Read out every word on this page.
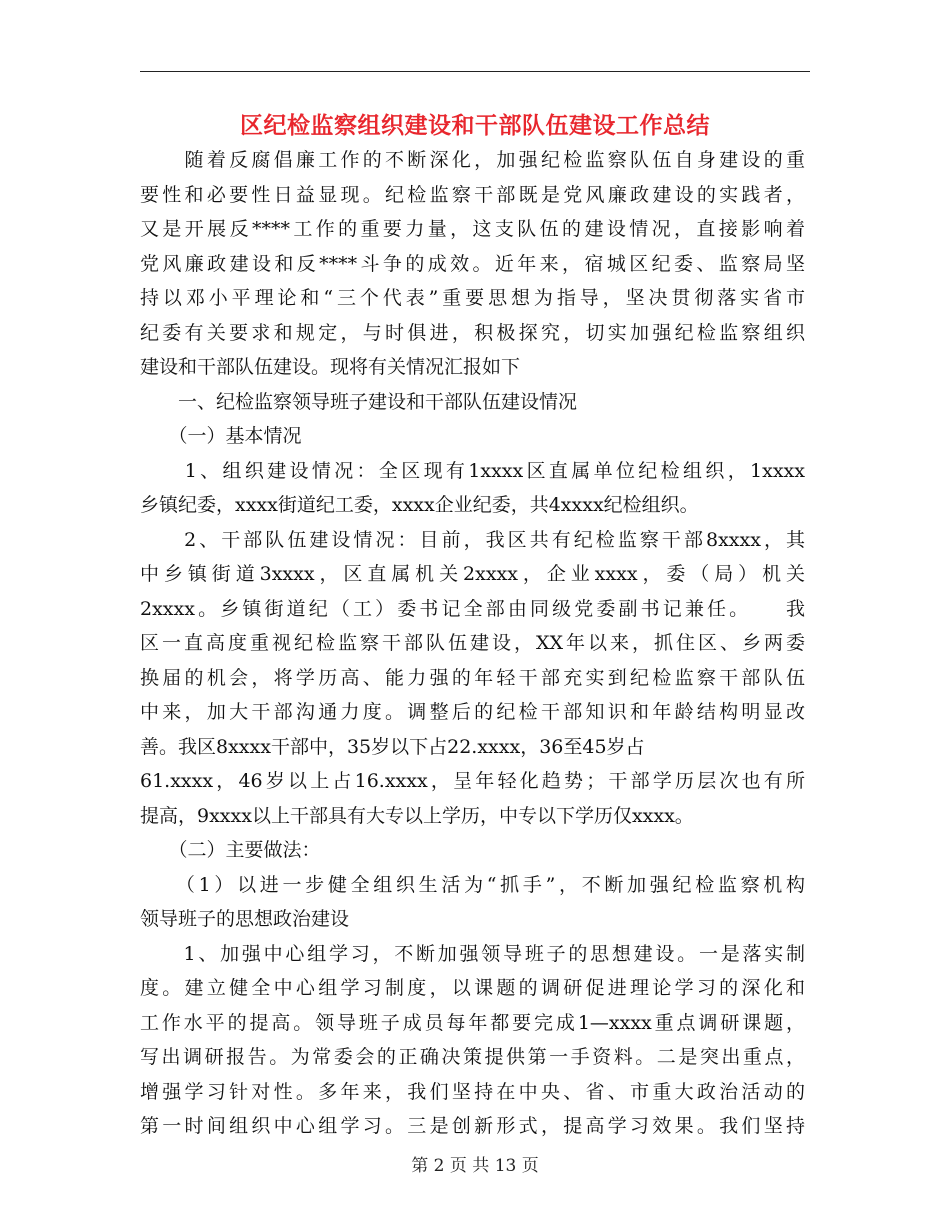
区纪检监察组织建设和干部队伍建设工作总结
　　随着反腐倡廉工作的不断深化，加强纪检监察队伍自身建设的重
要性和必要性日益显现。纪检监察干部既是党风廉政建设的实践者，
又是开展反****工作的重要力量，这支队伍的建设情况，直接影响着
党风廉政建设和反****斗争的成效。近年来，宿城区纪委、监察局坚
持以邓小平理论和“三个代表”重要思想为指导，坚决贯彻落实省市
纪委有关要求和规定，与时俱进，积极探究，切实加强纪检监察组织
建设和干部队伍建设。现将有关情况汇报如下
　　一、纪检监察领导班子建设和干部队伍建设情况
　　（一）基本情况
　　1、组织建设情况：全区现有1xxxx区直属单位纪检组织，1xxxx
乡镇纪委，xxxx街道纪工委，xxxx企业纪委，共4xxxx纪检组织。
　　2、干部队伍建设情况：目前，我区共有纪检监察干部8xxxx，其
中乡镇街道3xxxx，区直属机关2xxxx，企业xxxx，委（局）机关
2xxxx。乡镇街道纪（工）委书记全部由同级党委副书记兼任。　　我
区一直高度重视纪检监察干部队伍建设，XX年以来，抓住区、乡两委
换届的机会，将学历高、能力强的年轻干部充实到纪检监察干部队伍
中来，加大干部沟通力度。调整后的纪检干部知识和年龄结构明显改
善。我区8xxxx干部中，35岁以下占22.xxxx，36至45岁占
61.xxxx，46岁以上占16.xxxx，呈年轻化趋势；干部学历层次也有所
提高，9xxxx以上干部具有大专以上学历，中专以下学历仅xxxx。
　　（二）主要做法：
　　（1）以进一步健全组织生活为“抓手”，不断加强纪检监察机构
领导班子的思想政治建设
　　1、加强中心组学习，不断加强领导班子的思想建设。一是落实制
度。建立健全中心组学习制度，以课题的调研促进理论学习的深化和
工作水平的提高。领导班子成员每年都要完成1—xxxx重点调研课题，
写出调研报告。为常委会的正确决策提供第一手资料。二是突出重点，
增强学习针对性。多年来，我们坚持在中央、省、市重大政治活动的
第一时间组织中心组学习。三是创新形式，提高学习效果。我们坚持
第 2 页 共 13 页
